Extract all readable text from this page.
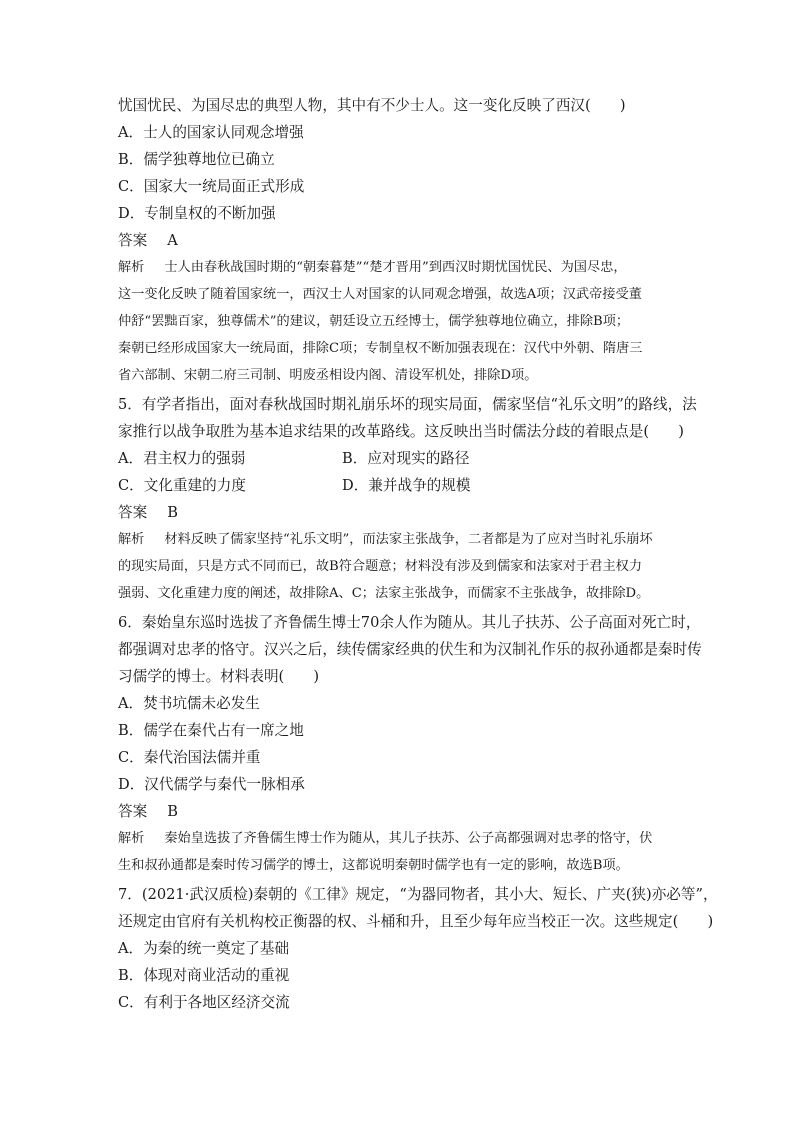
忧国忧民、为国尽忠的典型人物，其中有不少士人。这一变化反映了西汉(　　)
A．士人的国家认同观念增强
B．儒学独尊地位已确立
C．国家大一统局面正式形成
D．专制皇权的不断加强
答案 A
解析 士人由春秋战国时期的“朝秦暮楚”“楚才晋用”到西汉时期忧国忧民、为国尽忠，
这一变化反映了随着国家统一，西汉士人对国家的认同观念增强，故选A项；汉武帝接受董
仲舒“罢黜百家，独尊儒术”的建议，朝廷设立五经博士，儒学独尊地位确立，排除B项；
秦朝已经形成国家大一统局面，排除C项；专制皇权不断加强表现在：汉代中外朝、隋唐三
省六部制、宋朝二府三司制、明废丞相设内阁、清设军机处，排除D项。
5．有学者指出，面对春秋战国时期礼崩乐坏的现实局面，儒家坚信“礼乐文明”的路线，法
家推行以战争取胜为基本追求结果的改革路线。这反映出当时儒法分歧的着眼点是(　　)
A．君主权力的强弱	B．应对现实的路径
C．文化重建的力度	D．兼并战争的规模
答案 B
解析 材料反映了儒家坚持“礼乐文明”，而法家主张战争，二者都是为了应对当时礼乐崩坏
的现实局面，只是方式不同而已，故B符合题意；材料没有涉及到儒家和法家对于君主权力
强弱、文化重建力度的阐述，故排除A、C；法家主张战争，而儒家不主张战争，故排除D。
6．秦始皇东巡时选拔了齐鲁儒生博士70余人作为随从。其儿子扶苏、公子高面对死亡时，
都强调对忠孝的恪守。汉兴之后，续传儒家经典的伏生和为汉制礼作乐的叔孙通都是秦时传
习儒学的博士。材料表明(　　)
A．焚书坑儒未必发生
B．儒学在秦代占有一席之地
C．秦代治国法儒并重
D．汉代儒学与秦代一脉相承
答案 B
解析 秦始皇选拔了齐鲁儒生博士作为随从，其儿子扶苏、公子高都强调对忠孝的恪守，伏
生和叔孙通都是秦时传习儒学的博士，这都说明秦朝时儒学也有一定的影响，故选B项。
7．(2021·武汉质检)秦朝的《工律》规定，“为器同物者，其小大、短长、广夹(狭)亦必等”，
还规定由官府有关机构校正衡器的权、斗桶和升，且至少每年应当校正一次。这些规定(　　)
A．为秦的统一奠定了基础
B．体现对商业活动的重视
C．有利于各地区经济交流
